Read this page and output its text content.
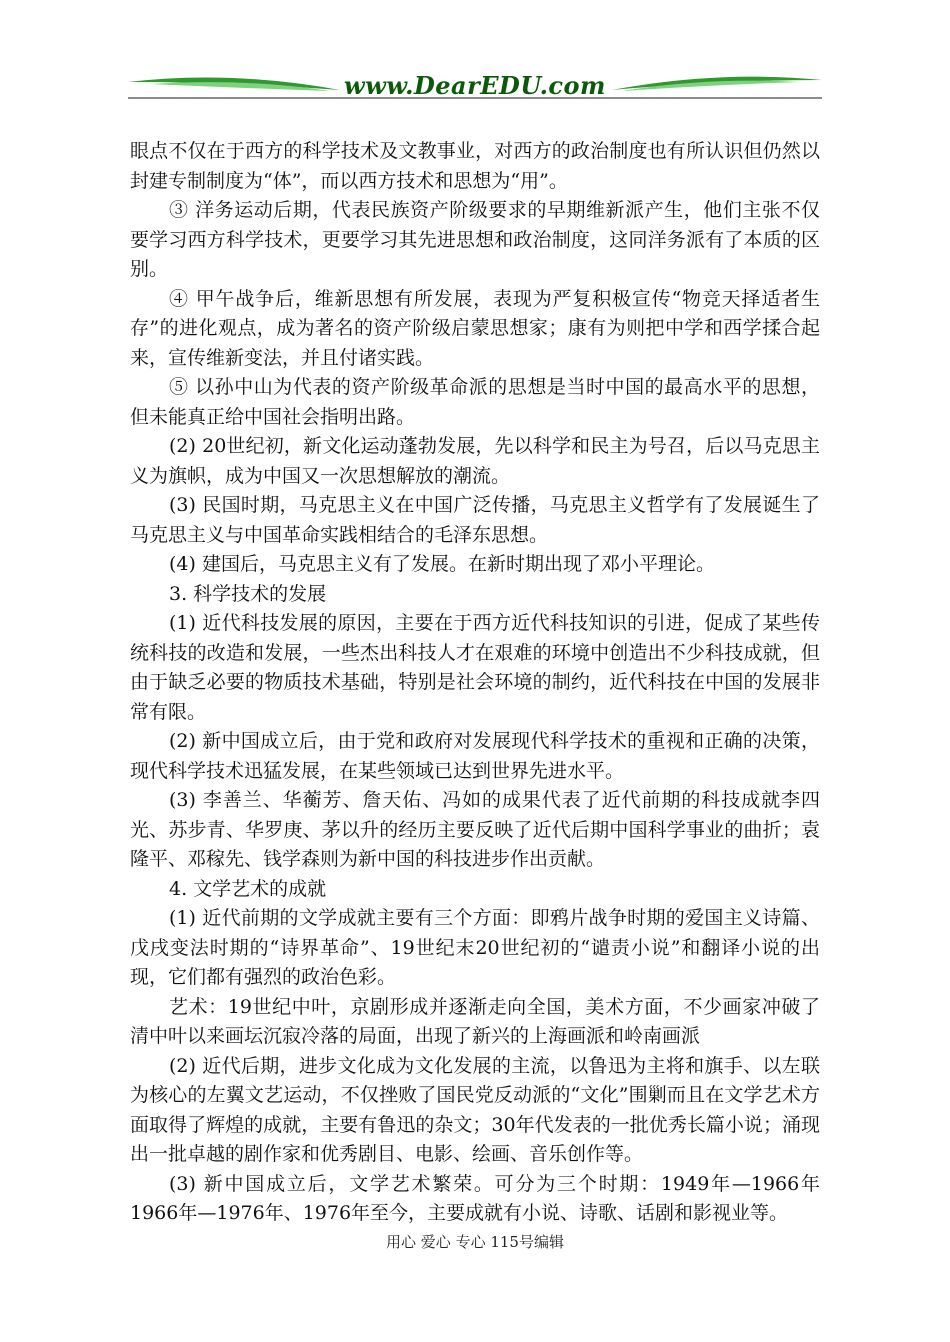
www.DearEDU.com

眼点不仅在于西方的科学技术及文教事业，对西方的政治制度也有所认识但仍然以封建专制制度为“体”，而以西方技术和思想为“用”。

③ 洋务运动后期，代表民族资产阶级要求的早期维新派产生，他们主张不仅要学习西方科学技术，更要学习其先进思想和政治制度，这同洋务派有了本质的区别。

④ 甲午战争后，维新思想有所发展，表现为严复积极宣传“物竞天择适者生存”的进化观点，成为著名的资产阶级启蒙思想家；康有为则把中学和西学揉合起来，宣传维新变法，并且付诸实践。

⑤ 以孙中山为代表的资产阶级革命派的思想是当时中国的最高水平的思想，但未能真正给中国社会指明出路。

(2) 20世纪初，新文化运动蓬勃发展，先以科学和民主为号召，后以马克思主义为旗帜，成为中国又一次思想解放的潮流。

(3) 民国时期，马克思主义在中国广泛传播，马克思主义哲学有了发展诞生了马克思主义与中国革命实践相结合的毛泽东思想。

(4) 建国后，马克思主义有了发展。在新时期出现了邓小平理论。

3. 科学技术的发展

(1) 近代科技发展的原因，主要在于西方近代科技知识的引进，促成了某些传统科技的改造和发展，一些杰出科技人才在艰难的环境中创造出不少科技成就，但由于缺乏必要的物质技术基础，特别是社会环境的制约，近代科技在中国的发展非常有限。

(2) 新中国成立后，由于党和政府对发展现代科学技术的重视和正确的决策，现代科学技术迅猛发展，在某些领域已达到世界先进水平。

(3) 李善兰、华蘅芳、詹天佑、冯如的成果代表了近代前期的科技成就李四光、苏步青、华罗庚、茅以升的经历主要反映了近代后期中国科学事业的曲折；袁隆平、邓稼先、钱学森则为新中国的科技进步作出贡献。

4. 文学艺术的成就

(1) 近代前期的文学成就主要有三个方面：即鸦片战争时期的爱国主义诗篇、戊戌变法时期的“诗界革命”、19世纪末20世纪初的“谴责小说”和翻译小说的出现，它们都有强烈的政治色彩。

艺术：19世纪中叶，京剧形成并逐渐走向全国，美术方面，不少画家冲破了清中叶以来画坛沉寂冷落的局面，出现了新兴的上海画派和岭南画派

(2) 近代后期，进步文化成为文化发展的主流，以鲁迅为主将和旗手、以左联为核心的左翼文艺运动，不仅挫败了国民党反动派的“文化”围剿而且在文学艺术方面取得了辉煌的成就，主要有鲁迅的杂文；30年代发表的一批优秀长篇小说；涌现出一批卓越的剧作家和优秀剧目、电影、绘画、音乐创作等。

(3) 新中国成立后，文学艺术繁荣。可分为三个时期：1949年—1966年1966年—1976年、1976年至今，主要成就有小说、诗歌、话剧和影视业等。

用心 爱心 专心 115号编辑
